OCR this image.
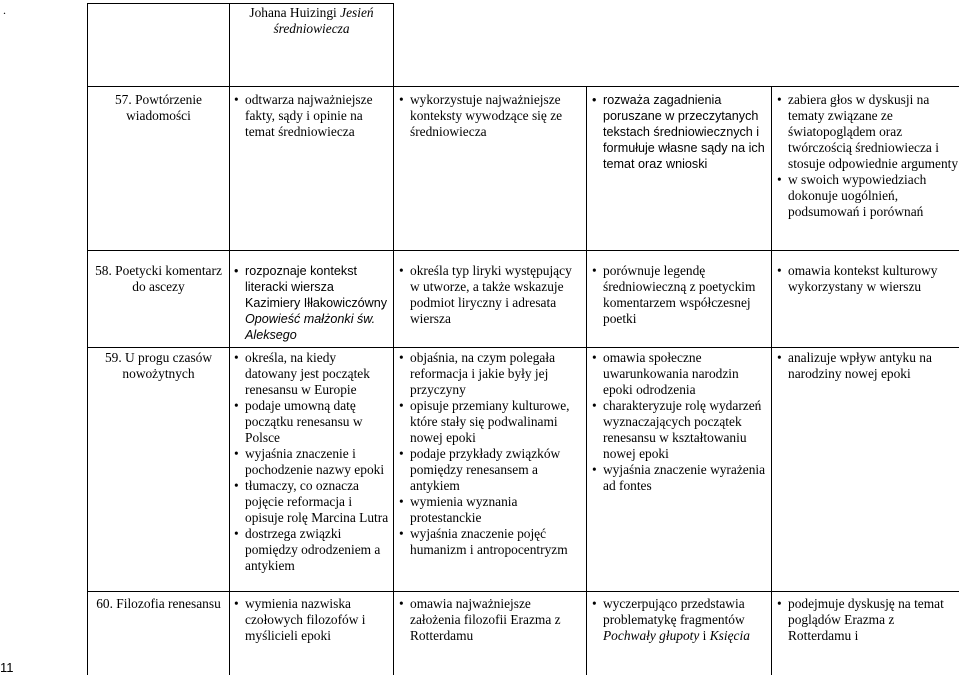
.	Johana Huizingi Jesień
średniowiecza
57. Powtórzenie wiadomości

• odtwarza najważniejsze fakty, sądy i opinie na temat średniowiecza

• wykorzystuje najważniejsze konteksty wywodzące się ze średniowiecza

• rozważa zagadnienia poruszane w przeczytanych tekstach średniowiecznych i formułuje własne sądy na ich temat oraz wnioski

• zabiera głos w dyskusji na tematy związane ze światopoglądem oraz twórczością średniowiecza i stosuje odpowiednie argumenty

• w swoich wypowiedziach dokonuje uogólnień, podsumowań i porównań

58. Poetycki komentarz do ascezy

• rozpoznaje kontekst literacki wiersza Kazimiery Iłłakowiczówny Opowieść małżonki św. Aleksego

• określa typ liryki występujący w utworze, a także wskazuje podmiot liryczny i adresata wiersza

• porównuje legendę średniowieczną z poetyckim komentarzem współczesnej poetki

• omawia kontekst kulturowy wykorzystany w wierszu

59. U progu czasów nowożytnych

• określa, na kiedy datowany jest początek renesansu w Europie

• podaje umowną datę początku renesansu w Polsce

• wyjaśnia znaczenie i pochodzenie nazwy epoki

• tłumaczy, co oznacza pojęcie reformacja i opisuje rolę Marcina Lutra

• dostrzega związki pomiędzy odrodzeniem a antykiem

• objaśnia, na czym polegała reformacja i jakie były jej przyczyny

• opisuje przemiany kulturowe, które stały się podwalinami nowej epoki

• podaje przykłady związków pomiędzy renesansem a antykiem

• wymienia wyznania protestanckie

• wyjaśnia znaczenie pojęć humanizm i antropocentryzm

• omawia społeczne uwarunkowania narodzin epoki odrodzenia

• charakteryzuje rolę wydarzeń wyznaczających początek renesansu w kształtowaniu nowej epoki

• wyjaśnia znaczenie wyrażenia ad fontes

• analizuje wpływ antyku na narodziny nowej epoki

60. Filozofia renesansu

•	wymienia nazwiska czołowych filozofów i myślicieli epoki

• omawia najważniejsze założenia filozofii Erazma z Rotterdamu

• wyczerpująco przedstawia problematykę fragmentów Pochwały głupoty i Księcia

• podejmuje dyskusję na temat poglądów Erazma z Rotterdamu i

11
